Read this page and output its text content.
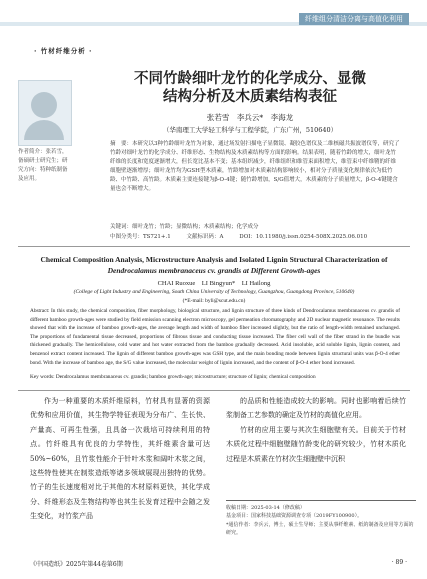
纤维组分清洁分离与高值化利用
· 竹材纤维分析 ·
作者简介：张若雪，备硕研士研究生；研究方向：特种纸制备及应用。
不同竹龄细叶龙竹的化学成分、显微
结构分析及木质素结构表征
张若雪　李兵云*　李海龙
（华南理工大学轻工科学与工程学院，广东广州，510640）
摘　要：本研究以3种竹龄细叶龙竹为对象，通过场发射扫描电子显微镜、凝胶色谱仪及二维核磁共振波谱仪等，研究了竹龄对细叶龙竹的化学成分、纤维形态、生物结构及木质素结构等方面的影响。结果表明，随着竹龄的增大，细叶龙竹纤维的长度和宽度逐渐增大，但长宽比基本不变；基本组织减少，纤维组织和维管束面积增大，维管束中纤维鞘的纤维细胞壁逐渐增厚；细叶龙竹均为GSH型木质素，竹龄增加对木质素结构影响较小，相对分子质量变化规律依次为低竹龄、中竹龄、高竹龄。木质素主要连接键为β-O-4键；随竹龄增加，S/G值增大，木质素的分子质量增大，β-O-4键键含量也会不断增大。
关键词：细叶龙竹；竹龄；显微结构；木质素结构；化学成分
中图分类号：TS721+.1	文献标识码：A	DOI：10.11980/j.issn.0254-508X.2025.06.010
Chemical Composition Analysis, Microstructure Analysis and Isolated Lignin Structural Characterization of
Dendrocalamus membranaceus cv. grandis at Different Growth-ages
CHAI Ruoxue　LI Bingyun*　LI Hailong
(College of Light Industry and Engineering, South China University of Technology, Guangzhou, Guangdong Province, 510640)
(*E-mail: byli@scut.edu.cn)
Abstract: In this study, the chemical composition, fiber morphology, biological structure, and lignin structure of three kinds of Dendrocalamus membranaceus cv. grandis of different bamboo growth-ages were studied by field emission scanning electron microscopy, gel permeation chromatography and 2D nuclear magnetic resonance. The results showed that with the increase of bamboo growth-ages, the average length and width of bamboo fiber increased slightly, but the ratio of length-width remained unchanged. The proportions of fundamental tissue decreased, proportions of fibrous tissue and conducting tissue increased. The fiber cell wall of the fiber strand in the bundle was thickened gradually. The hemicellulose, cold water and hot water extracted from the bamboo gradually decreased. Acid insoluble, acid soluble lignin, lignin content, and benzenol extract content increased. The lignin of different bamboo growth-ages was GSH type, and the main bonding mode between lignin structural units was β-O-4 ether bond. With the increase of bamboo age, the S/G value increased, the molecular weight of lignin increased, and the content of β-O-4 ether bond increased.
Key words: Dendrocalamus membranaceus cv. grandis; bamboo growth-age; microstructure; structure of lignin; chemical composition
作为一种重要的木质纤维原料，竹材具有显著的资源优势和应用价值，其生物学特征表现为分布广、生长快、产量高、可再生性强，且具备一次栽培可持续利用的特点。竹纤维具有优良的力学特性，其纤维素含量可达50%~60%，且竹浆性能介于针叶木浆和阔叶木浆之间，这些特性使其在制浆造纸等诸多领域展现出独特的优势。竹子的生长速度相对比于其他的木材原料更快，其化学成分、纤维形态及生物结构等也其生长发育过程中会随之发生变化，对竹浆产品
的品质和性能造成较大的影响。同时也影响着后续竹浆制备工艺参数的确定及竹材的高值化应用。
竹材的应用主要与其次生细胞壁有关。目前关于竹材木质化过程中细胞壁随竹龄变化的研究较少，竹材木质化过程是木质素在竹材次生细胞壁中沉积
收稿日期：2025-03-14（修改稿）
基金项目：国家科技基础资源调查专项（2019FY100900）。
*通信作者：李兵云，博士，硕士生导师；主要从事纤维素、纸的制备及应用等方面的研究。
《中国造纸》2025年第44卷第6期	· 89 ·
